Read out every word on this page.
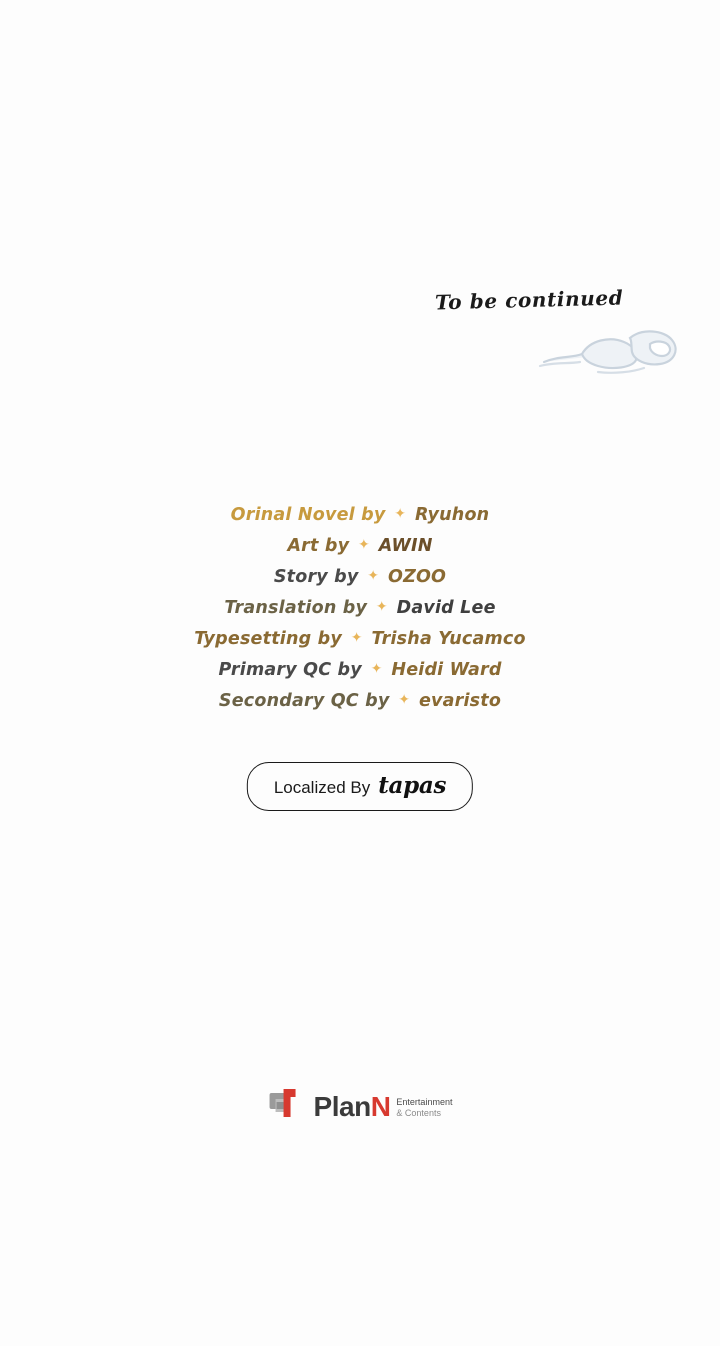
To be continued
Orinal Novel by ✦ Ryuhon
Art by ✦ AWIN
Story by ✦ OZOO
Translation by ✦ David Lee
Typesetting by ✦ Trisha Yucamco
Primary QC by ✦ Heidi Ward
Secondary QC by ✦ evaristo
Localized By tapas
PlanN Entertainment
& Contents
